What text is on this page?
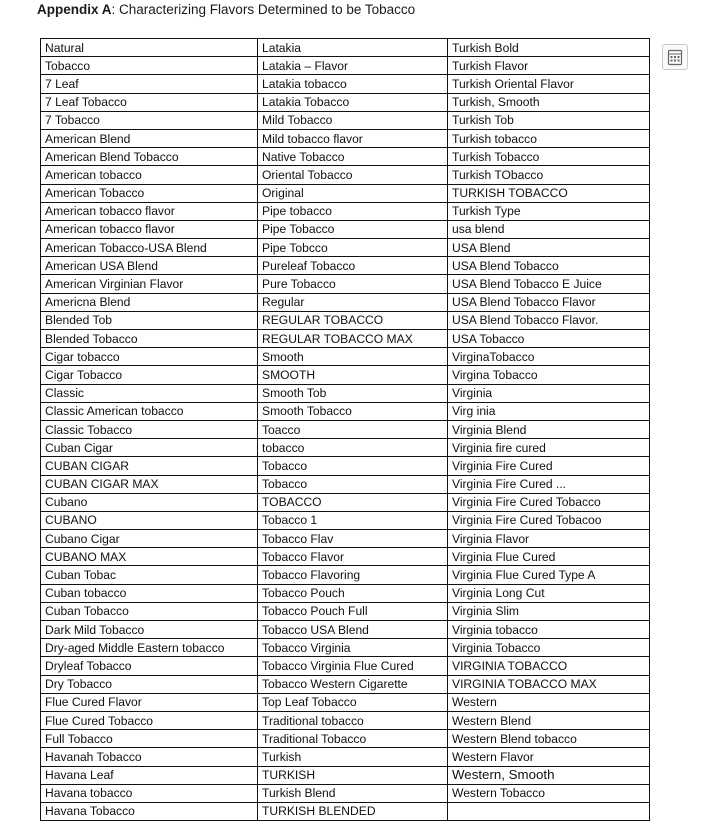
Appendix A: Characterizing Flavors Determined to be Tobacco
Natural	Latakia	Turkish Bold
Tobacco	Latakia – Flavor	Turkish Flavor
7 Leaf	Latakia tobacco	Turkish Oriental Flavor
7 Leaf Tobacco	Latakia Tobacco	Turkish, Smooth
7 Tobacco	Mild Tobacco	Turkish Tob
American Blend	Mild tobacco flavor	Turkish tobacco
American Blend Tobacco	Native Tobacco	Turkish Tobacco
American tobacco	Oriental Tobacco	Turkish TObacco
American Tobacco	Original	TURKISH TOBACCO
American tobacco flavor	Pipe tobacco	Turkish Type
American tobacco flavor	Pipe Tobacco	usa blend
American Tobacco-USA Blend	Pipe Tobcco	USA Blend
American USA Blend	Pureleaf Tobacco	USA Blend Tobacco
American Virginian Flavor	Pure Tobacco	USA Blend Tobacco E Juice
Americna Blend	Regular	USA Blend Tobacco Flavor
Blended Tob	REGULAR TOBACCO	USA Blend Tobacco Flavor.
Blended Tobacco	REGULAR TOBACCO MAX	USA Tobacco
Cigar tobacco	Smooth	VirginaTobacco
Cigar Tobacco	SMOOTH	Virgina Tobacco
Classic	Smooth Tob	Virginia
Classic American tobacco	Smooth Tobacco	Virg inia
Classic Tobacco	Toacco	Virginia Blend
Cuban Cigar	tobacco	Virginia fire cured
CUBAN CIGAR	Tobacco	Virginia Fire Cured
CUBAN CIGAR MAX	Tobacco	Virginia Fire Cured ...
Cubano	TOBACCO	Virginia Fire Cured Tobacco
CUBANO	Tobacco 1	Virginia Fire Cured Tobacoo
Cubano Cigar	Tobacco Flav	Virginia Flavor
CUBANO MAX	Tobacco Flavor	Virginia Flue Cured
Cuban Tobac	Tobacco Flavoring	Virginia Flue Cured Type A
Cuban tobacco	Tobacco Pouch	Virginia Long Cut
Cuban Tobacco	Tobacco Pouch Full	Virginia Slim
Dark Mild Tobacco	Tobacco USA Blend	Virginia tobacco
Dry-aged Middle Eastern tobacco	Tobacco Virginia	Virginia Tobacco
Dryleaf Tobacco	Tobacco Virginia Flue Cured	VIRGINIA TOBACCO
Dry Tobacco	Tobacco Western Cigarette	VIRGINIA TOBACCO MAX
Flue Cured Flavor	Top Leaf Tobacco	Western
Flue Cured Tobacco	Traditional tobacco	Western Blend
Full Tobacco	Traditional Tobacco	Western Blend tobacco
Havanah Tobacco	Turkish	Western Flavor
Havana Leaf	TURKISH	Western, Smooth
Havana tobacco	Turkish Blend	Western Tobacco
Havana Tobacco	TURKISH BLENDED	
